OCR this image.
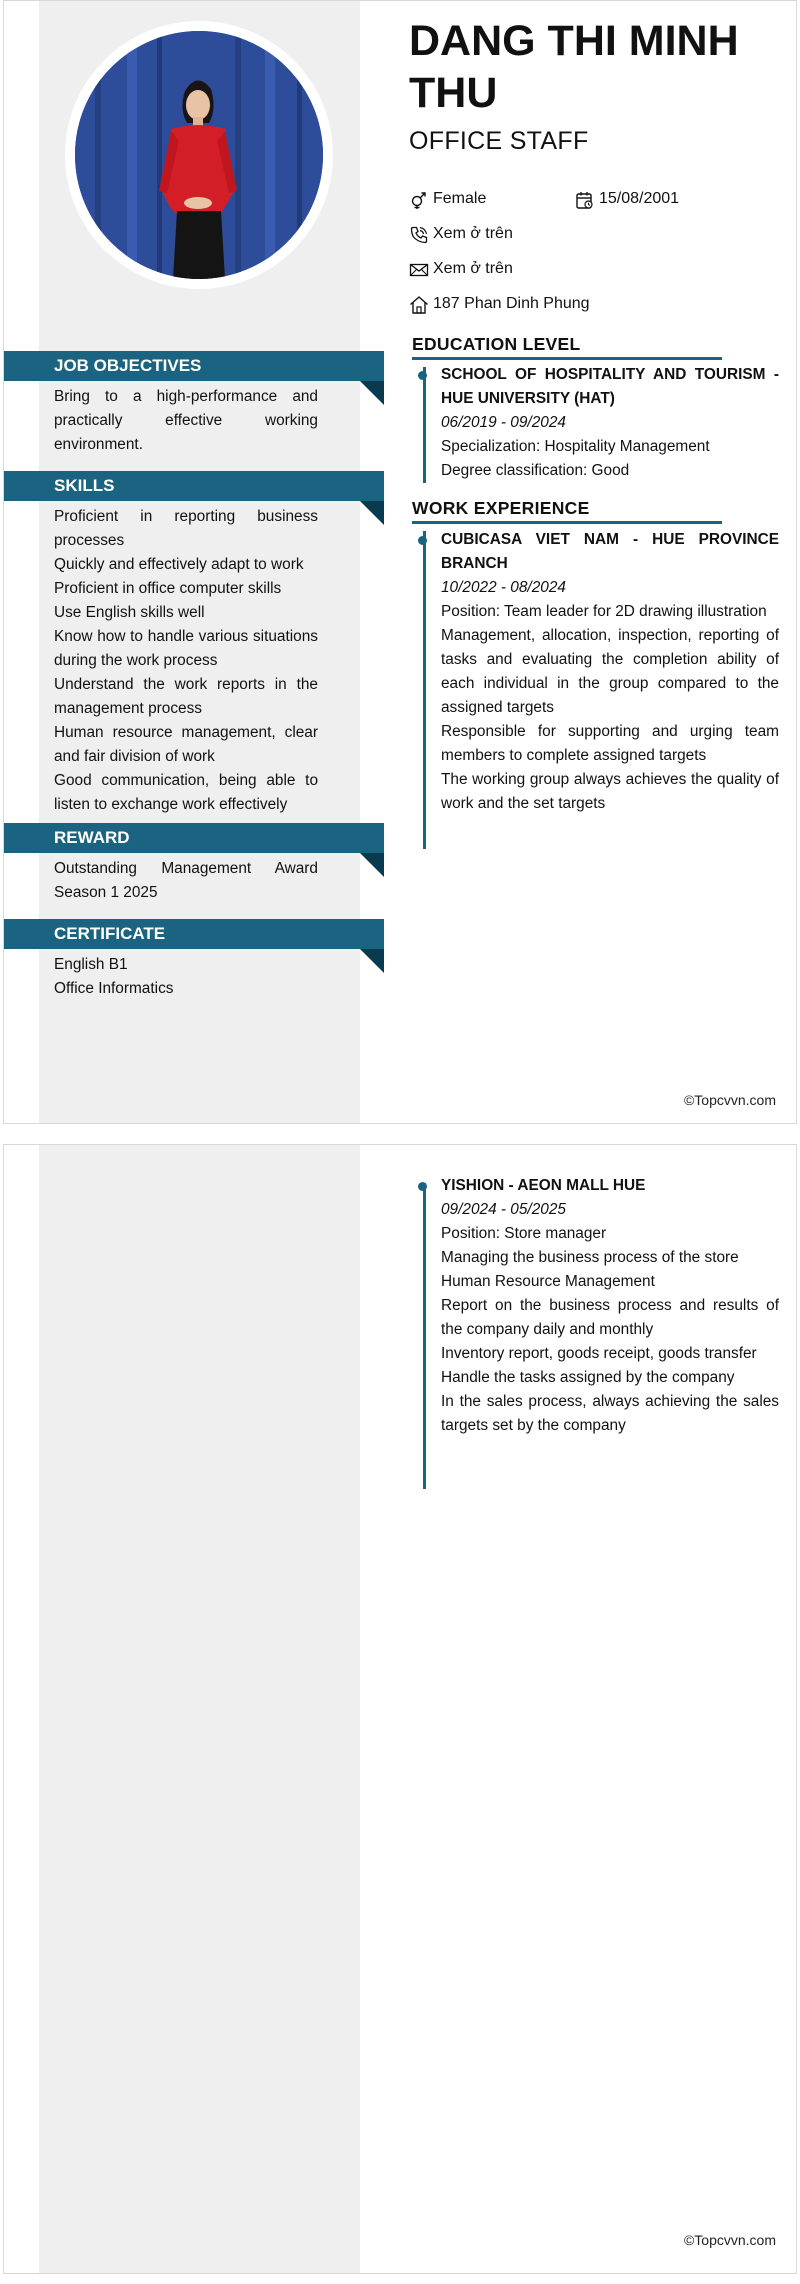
DANG THI MINH THU
OFFICE STAFF
Female	15/08/2001
Xem ở trên
Xem ở trên
187 Phan Dinh Phung
JOB OBJECTIVES
Bring to a high-performance and practically effective working environment.
SKILLS
Proficient in reporting business processes
Quickly and effectively adapt to work
Proficient in office computer skills
Use English skills well
Know how to handle various situations during the work process
Understand the work reports in the management process
Human resource management, clear and fair division of work
Good communication, being able to listen to exchange work effectively
REWARD
Outstanding Management Award Season 1 2025
CERTIFICATE
English B1
Office Informatics
EDUCATION LEVEL
SCHOOL OF HOSPITALITY AND TOURISM - HUE UNIVERSITY (HAT)
06/2019 - 09/2024
Specialization: Hospitality Management
Degree classification: Good
WORK EXPERIENCE
CUBICASA VIET NAM - HUE PROVINCE BRANCH
10/2022 - 08/2024
Position: Team leader for 2D drawing illustration
Management, allocation, inspection, reporting of tasks and evaluating the completion ability of each individual in the group compared to the assigned targets
Responsible for supporting and urging team members to complete assigned targets
The working group always achieves the quality of work and the set targets
©Topcvvn.com
YISHION - AEON MALL HUE
09/2024 - 05/2025
Position: Store manager
Managing the business process of the store
Human Resource Management
Report on the business process and results of the company daily and monthly
Inventory report, goods receipt, goods transfer
Handle the tasks assigned by the company
In the sales process, always achieving the sales targets set by the company
©Topcvvn.com
